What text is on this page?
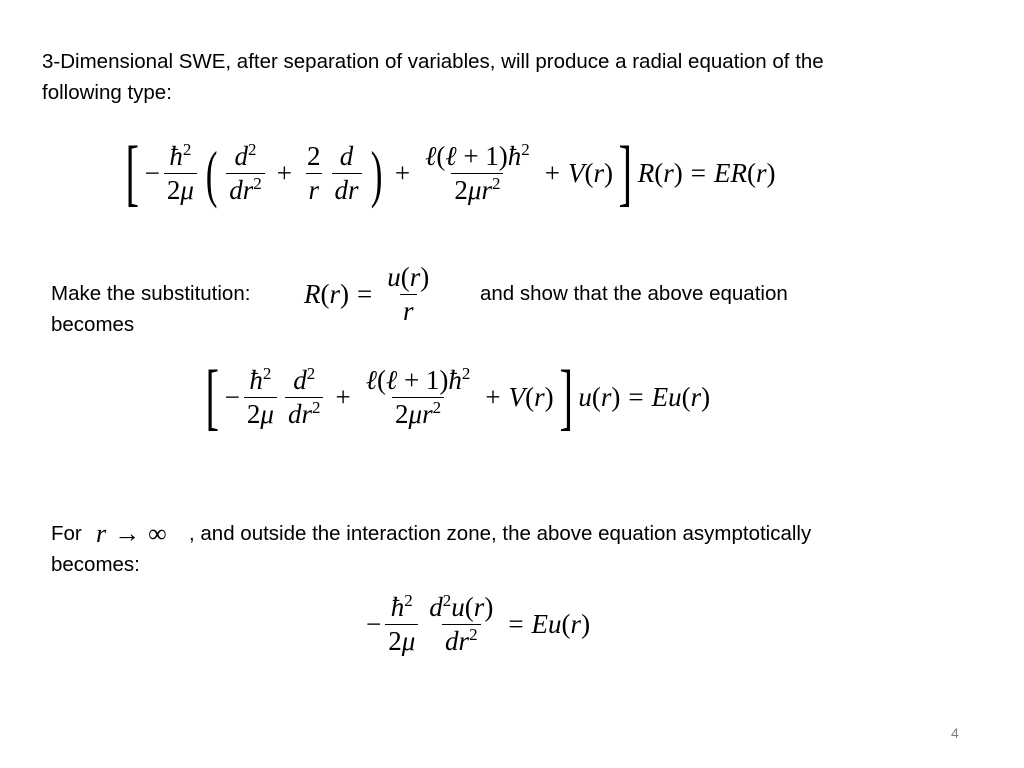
3-Dimensional SWE, after separation of variables, will produce a radial equation of the
following type:
[ − $\frac{ħ^2}{2\mu}$ ( $\frac{d^2}{dr^2} + \frac{2}{r} \frac{d}{dr}$ ) + $\frac{\ell(\ell + 1)ħ^2}{2\mu r^2} + V(r)$ ] R(r) = ER(r)
Make the substitution: $R(r) = \frac{u(r)}{r}$ and show that the above equation
becomes
[ − $\frac{ħ^2}{2\mu} \frac{d^2}{dr^2} + \frac{\ell(\ell + 1)ħ^2}{2\mu r^2} + V(r)$ ] u(r) = Eu(r)
For r → ∞ , and outside the interaction zone, the above equation asymptotically
becomes:
− $\frac{ħ^2}{2\mu} \frac{d^2u(r)}{dr^2} = Eu(r)$
4
